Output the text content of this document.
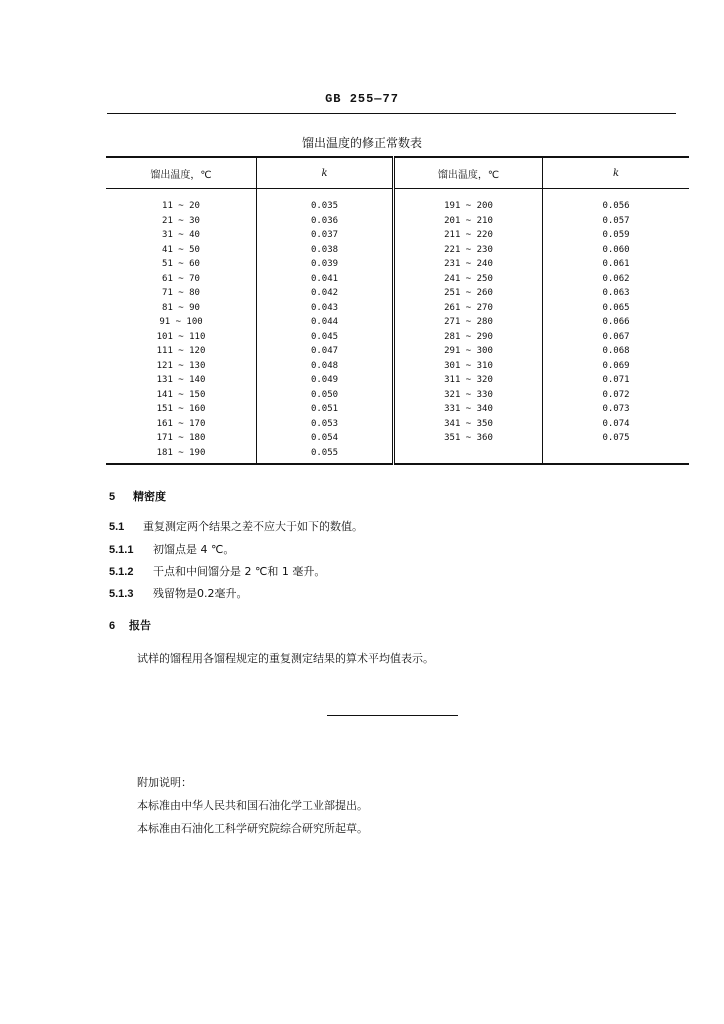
GB 255—77
馏出温度的修正常数表
馏出温度，℃	k	馏出温度，℃	k
11 ~ 20	0.035	191 ~ 200	0.056
21 ~ 30	0.036	201 ~ 210	0.057
31 ~ 40	0.037	211 ~ 220	0.059
41 ~ 50	0.038	221 ~ 230	0.060
51 ~ 60	0.039	231 ~ 240	0.061
61 ~ 70	0.041	241 ~ 250	0.062
71 ~ 80	0.042	251 ~ 260	0.063
81 ~ 90	0.043	261 ~ 270	0.065
91 ~ 100	0.044	271 ~ 280	0.066
101 ~ 110	0.045	281 ~ 290	0.067
111 ~ 120	0.047	291 ~ 300	0.068
121 ~ 130	0.048	301 ~ 310	0.069
131 ~ 140	0.049	311 ~ 320	0.071
141 ~ 150	0.050	321 ~ 330	0.072
151 ~ 160	0.051	331 ~ 340	0.073
161 ~ 170	0.053	341 ~ 350	0.074
171 ~ 180	0.054	351 ~ 360	0.075
181 ~ 190	0.055		
5 精密度
5.1 重复测定两个结果之差不应大于如下的数值。
5.1.1 初馏点是 4 ℃。
5.1.2 干点和中间馏分是 2 ℃和 1 毫升。
5.1.3 残留物是0.2毫升。
6 报告
试样的馏程用各馏程规定的重复测定结果的算术平均值表示。
附加说明：
本标准由中华人民共和国石油化学工业部提出。
本标准由石油化工科学研究院综合研究所起草。
